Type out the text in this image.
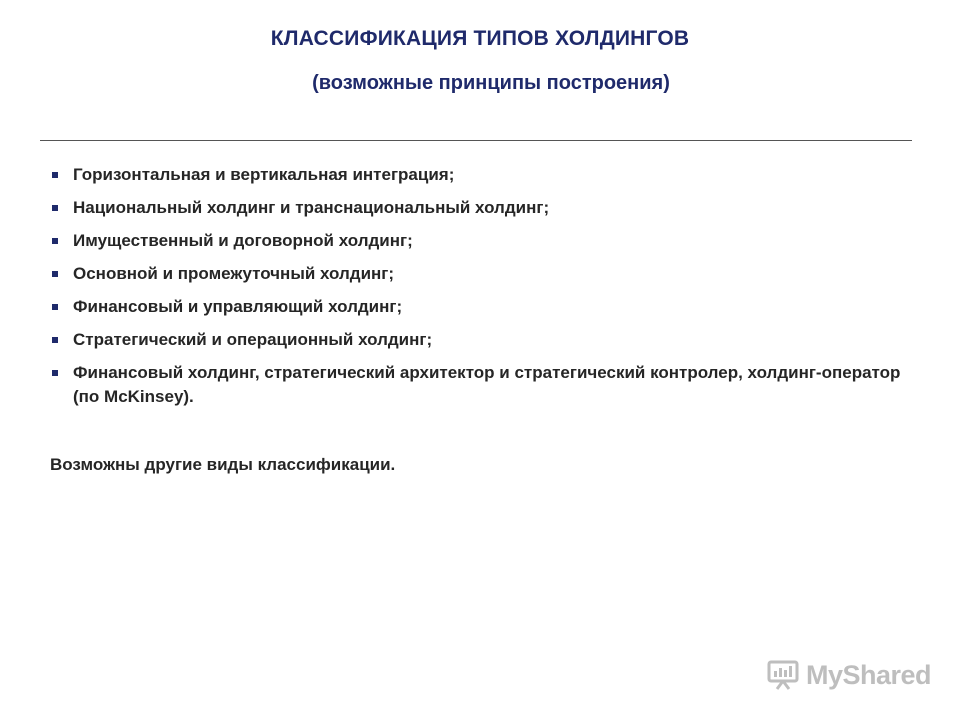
КЛАССИФИКАЦИЯ ТИПОВ ХОЛДИНГОВ
(возможные принципы построения)
Горизонтальная и вертикальная интеграция;
Национальный холдинг и транснациональный холдинг;
Имущественный и договорной холдинг;
Основной и промежуточный холдинг;
Финансовый и управляющий холдинг;
Стратегический и операционный холдинг;
Финансовый холдинг, стратегический архитектор и стратегический контролер, холдинг-оператор (по McKinsey).

Возможны другие виды классификации.

MyShared
